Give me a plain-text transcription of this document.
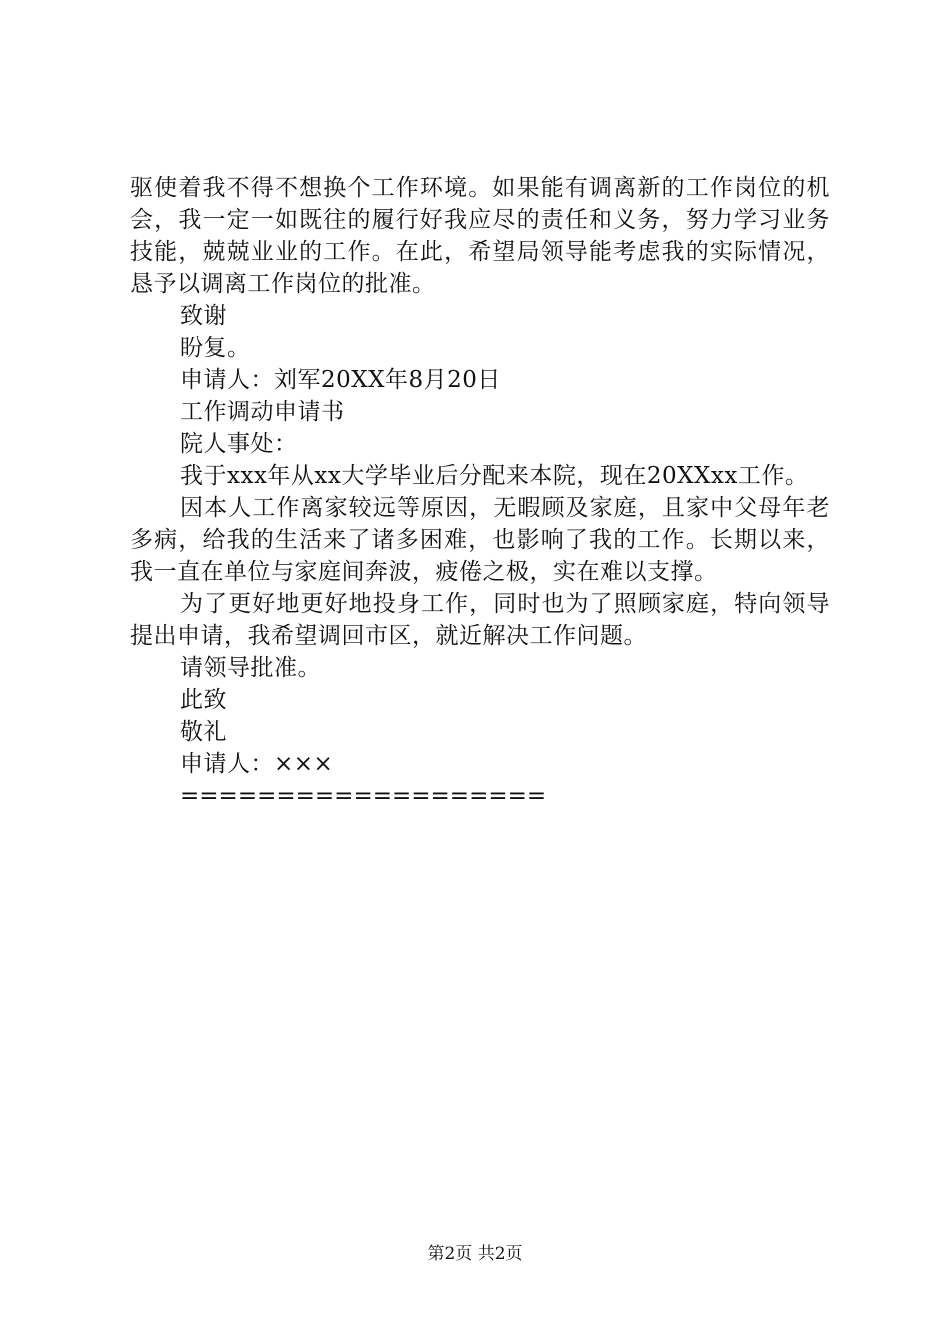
驱使着我不得不想换个工作环境。如果能有调离新的工作岗位的机会，我一定一如既往的履行好我应尽的责任和义务，努力学习业务技能，兢兢业业的工作。在此，希望局领导能考虑我的实际情况，恳予以调离工作岗位的批准。

致谢

盼复。

申请人：刘军20XX年8月20日

工作调动申请书

院人事处：

我于xxx年从xx大学毕业后分配来本院，现在20XXxx工作。

因本人工作离家较远等原因，无暇顾及家庭，且家中父母年老多病，给我的生活来了诸多困难，也影响了我的工作。长期以来，我一直在单位与家庭间奔波，疲倦之极，实在难以支撑。

为了更好地更好地投身工作，同时也为了照顾家庭，特向领导提出申请，我希望调回市区，就近解决工作问题。

请领导批准。

此致

敬礼

申请人：×××

===================

第2页 共2页
